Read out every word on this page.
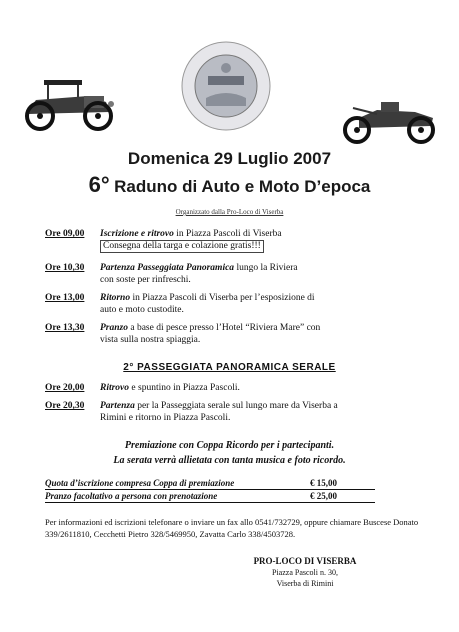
Domenica 29 Luglio 2007
6° Raduno di Auto e Moto D’epoca
Organizzato dalla Pro-Loco di Viserba
Ore 09,00 Iscrizione e ritrovo in Piazza Pascoli di Viserba
Consegna della targa e colazione gratis!!!
Ore 10,30 Partenza Passeggiata Panoramica lungo la Riviera
con soste per rinfreschi.
Ore 13,00 Ritorno in Piazza Pascoli di Viserba per l’esposizione di
auto e moto custodite.
Ore 13,30 Pranzo a base di pesce presso l’Hotel “Riviera Mare” con
vista sulla nostra spiaggia.
2° PASSEGGIATA PANORAMICA SERALE
Ore 20,00 Ritrovo e spuntino in Piazza Pascoli.
Ore 20,30 Partenza per la Passeggiata serale sul lungo mare da Viserba a
Rimini e ritorno in Piazza Pascoli.
Premiazione con Coppa Ricordo per i partecipanti.
La serata verrà allietata con tanta musica e foto ricordo.
Quota d’iscrizione compresa Coppa di premiazione	€ 15,00
Pranzo facoltativo a persona con prenotazione	€ 25,00
Per informazioni ed iscrizioni telefonare o inviare un fax allo 0541/732729, oppure chiamare Buscese Donato 339/2611810, Cecchetti Pietro 328/5469950, Zavatta Carlo 338/4503728.
PRO-LOCO DI VISERBA
Piazza Pascoli n. 30,
Viserba di Rimini
